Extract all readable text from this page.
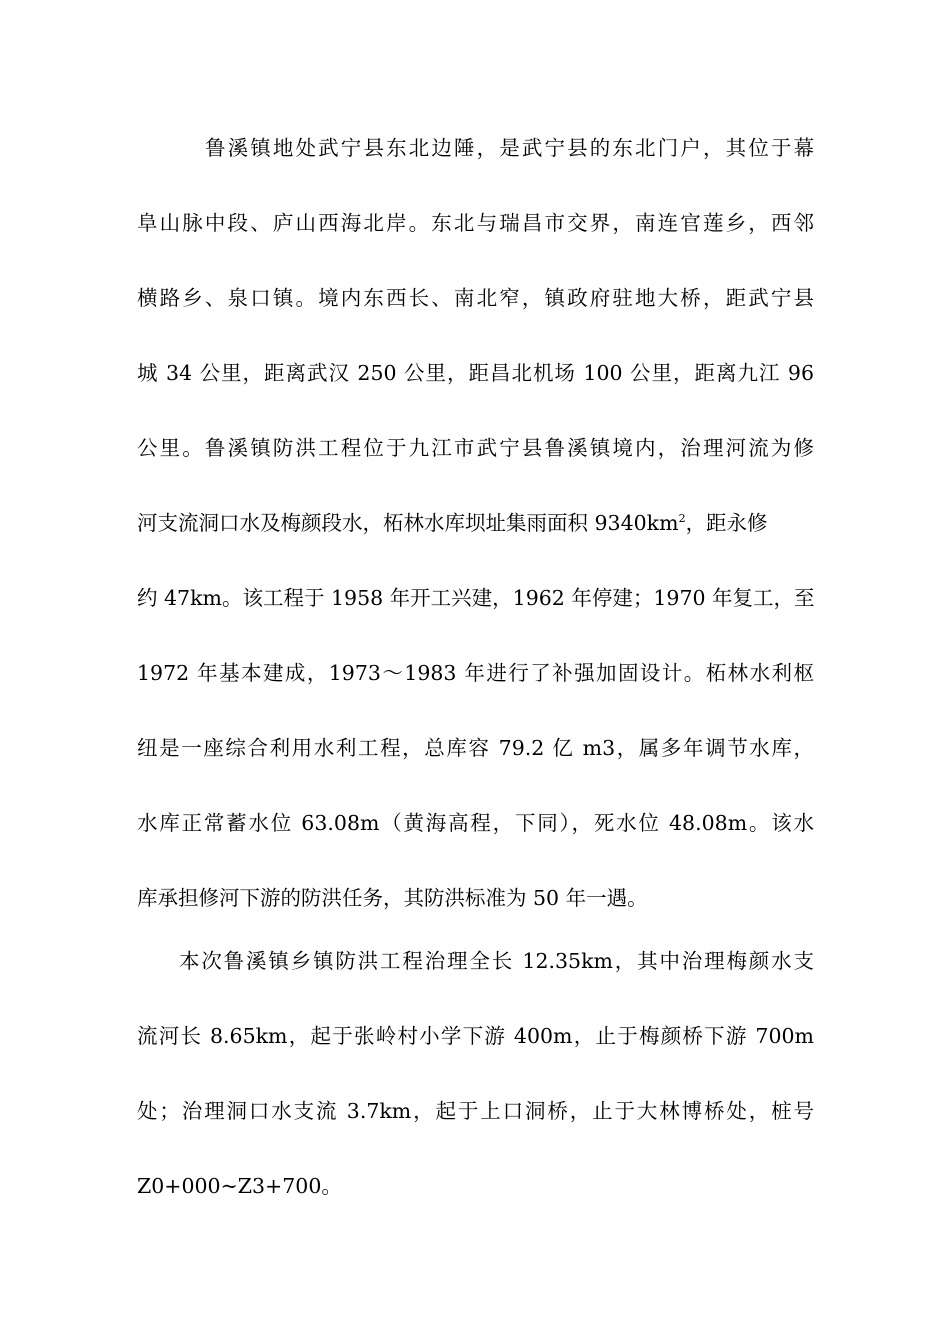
鲁溪镇地处武宁县东北边陲，是武宁县的东北门户，其位于幕
阜山脉中段、庐山西海北岸。东北与瑞昌市交界，南连官莲乡，西邻
横路乡、泉口镇。境内东西长、南北窄，镇政府驻地大桥，距武宁县
城 34 公里，距离武汉 250 公里，距昌北机场 100 公里，距离九江 96
公里。鲁溪镇防洪工程位于九江市武宁县鲁溪镇境内，治理河流为修
河支流洞口水及梅颜段水，柘林水库坝址集雨面积 $9340km^2$，距永修
约 47km。该工程于 1958 年开工兴建，1962 年停建；1970 年复工，至
1972 年基本建成，1973～1983 年进行了补强加固设计。柘林水利枢
纽是一座综合利用水利工程，总库容 79.2 亿 m3，属多年调节水库，
水库正常蓄水位 63.08m（黄海高程，下同），死水位 48.08m。该水
库承担修河下游的防洪任务，其防洪标准为 50 年一遇。
本次鲁溪镇乡镇防洪工程治理全长 12.35km，其中治理梅颜水支
流河长 8.65km，起于张岭村小学下游 400m，止于梅颜桥下游 700m
处；治理洞口水支流 3.7km，起于上口洞桥，止于大林博桥处，桩号
Z0+000~Z3+700。
